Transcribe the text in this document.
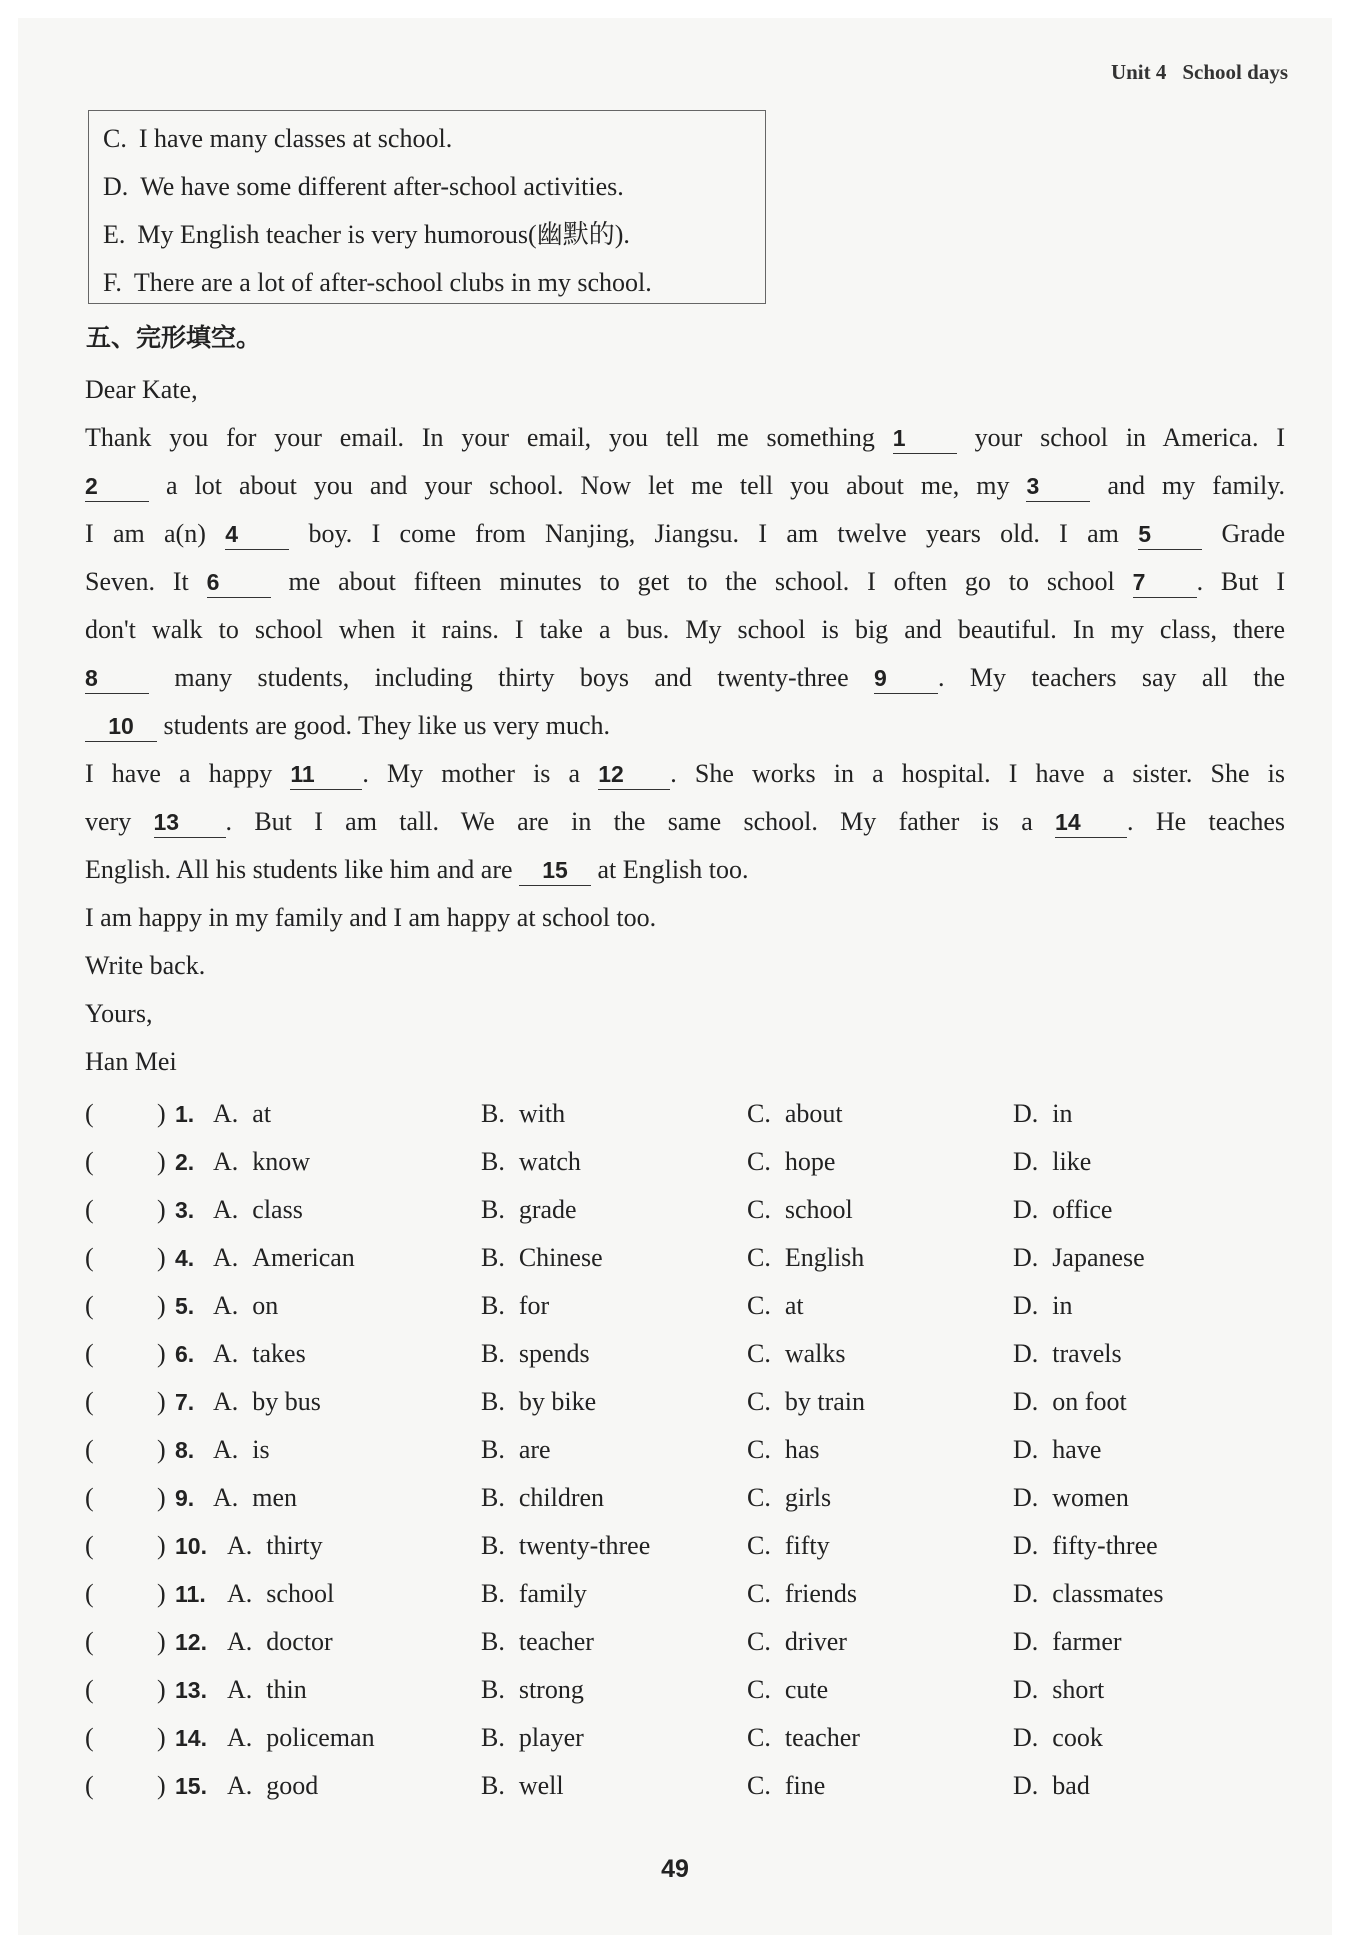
Unit 4 School days
C. I have many classes at school.
D. We have some different after-school activities.
E. My English teacher is very humorous(幽默的).
F. There are a lot of after-school clubs in my school.
五、完形填空。
Dear Kate,
Thank you for your email. In your email, you tell me something 1 your school in America. I
2 a lot about you and your school. Now let me tell you about me, my 3 and my family.
I am a(n) 4 boy. I come from Nanjing, Jiangsu. I am twelve years old. I am 5 Grade
Seven. It 6 me about fifteen minutes to get to the school. I often go to school 7 . But I
don't walk to school when it rains. I take a bus. My school is big and beautiful. In my class, there
8 many students, including thirty boys and twenty-three 9 . My teachers say all the
10 students are good. They like us very much.
I have a happy 11 . My mother is a 12 . She works in a hospital. I have a sister. She is
very 13 . But I am tall. We are in the same school. My father is a 14 . He teaches
English. All his students like him and are 15 at English too.
I am happy in my family and I am happy at school too.
Write back.
Yours,
Han Mei
( ) 1. A. at	B. with	C. about	D. in
( ) 2. A. know	B. watch	C. hope	D. like
( ) 3. A. class	B. grade	C. school	D. office
( ) 4. A. American	B. Chinese	C. English	D. Japanese
( ) 5. A. on	B. for	C. at	D. in
( ) 6. A. takes	B. spends	C. walks	D. travels
( ) 7. A. by bus	B. by bike	C. by train	D. on foot
( ) 8. A. is	B. are	C. has	D. have
( ) 9. A. men	B. children	C. girls	D. women
( ) 10. A. thirty	B. twenty-three	C. fifty	D. fifty-three
( ) 11. A. school	B. family	C. friends	D. classmates
( ) 12. A. doctor	B. teacher	C. driver	D. farmer
( ) 13. A. thin	B. strong	C. cute	D. short
( ) 14. A. policeman	B. player	C. teacher	D. cook
( ) 15. A. good	B. well	C. fine	D. bad
49
